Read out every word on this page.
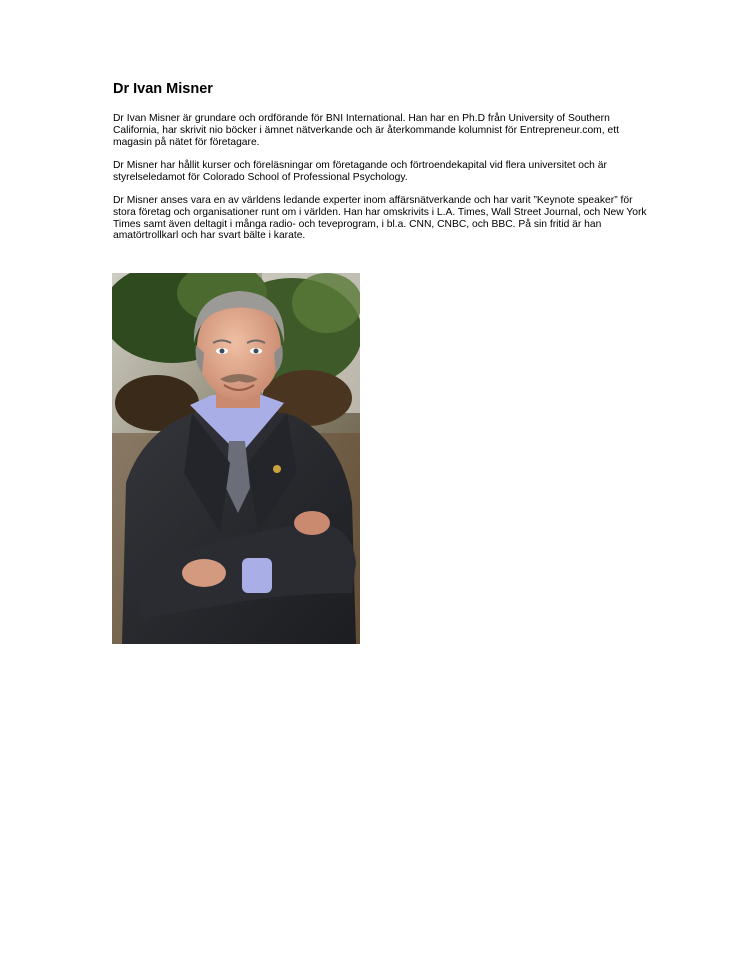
Dr Ivan Misner

Dr Ivan Misner är grundare och ordförande för BNI International. Han har en Ph.D från University of Southern California, har skrivit nio böcker i ämnet nätverkande och är återkommande kolumnist för Entrepreneur.com, ett magasin på nätet för företagare.

Dr Misner har hållit kurser och föreläsningar om företagande och förtroendekapital vid flera universitet och är styrelseledamot för Colorado School of Professional Psychology.

Dr Misner anses vara en av världens ledande experter inom affärsnätverkande och har varit ”Keynote speaker” för stora företag och organisationer runt om i världen. Han har omskrivits i L.A. Times, Wall Street Journal, och New York Times samt även deltagit i många radio- och teveprogram, i bl.a. CNN, CNBC, och BBC. På sin fritid är han amatörtrollkarl och har svart bälte i karate.
